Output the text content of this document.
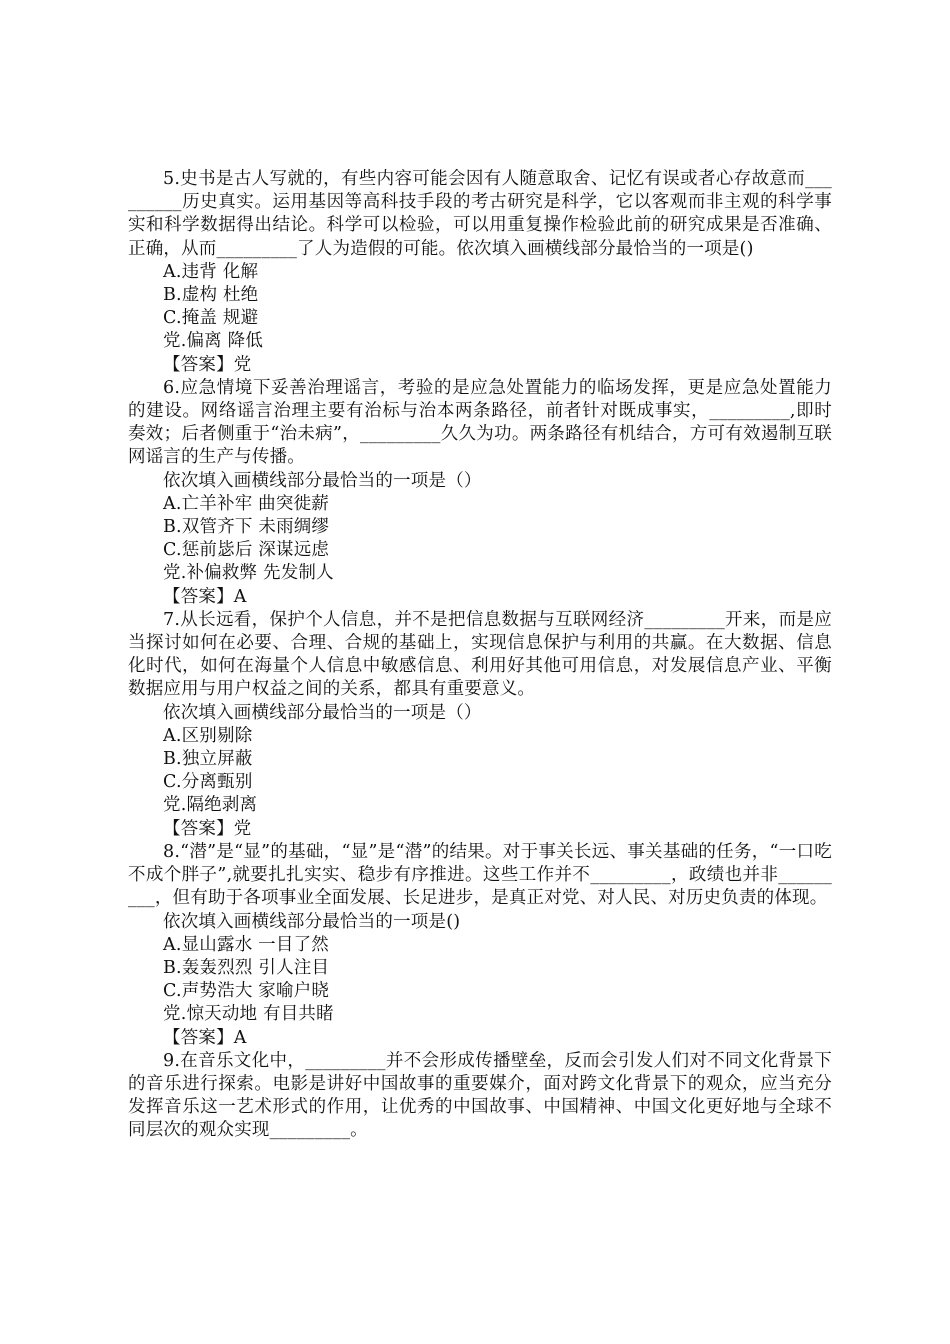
5.史书是古人写就的，有些内容可能会因有人随意取舍、记忆有误或者心存故意而_________历史真实。运用基因等高科技手段的考古研究是科学，它以客观而非主观的科学事实和科学数据得出结论。科学可以检验，可以用重复操作检验此前的研究成果是否准确、正确，从而_________了人为造假的可能。依次填入画横线部分最恰当的一项是()

A.违背 化解

B.虚构 杜绝

C.掩盖 规避

党.偏离 降低

【答案】党

6.应急情境下妥善治理谣言，考验的是应急处置能力的临场发挥，更是应急处置能力的建设。网络谣言治理主要有治标与治本两条路径，前者针对既成事实，_________,即时奏效；后者侧重于“治未病”，_________久久为功。两条路径有机结合，方可有效遏制互联网谣言的生产与传播。

依次填入画横线部分最恰当的一项是（）

A.亡羊补牢 曲突徙薪

B.双管齐下 未雨绸缪

C.惩前毖后 深谋远虑

党.补偏救弊 先发制人

【答案】A

7.从长远看，保护个人信息，并不是把信息数据与互联网经济_________开来，而是应当探讨如何在必要、合理、合规的基础上，实现信息保护与利用的共赢。在大数据、信息化时代，如何在海量个人信息中敏感信息、利用好其他可用信息，对发展信息产业、平衡数据应用与用户权益之间的关系，都具有重要意义。

依次填入画横线部分最恰当的一项是（）

A.区别剔除

B.独立屏蔽

C.分离甄别

党.隔绝剥离

【答案】党

8.“潜”是“显”的基础，“显”是“潜”的结果。对于事关长远、事关基础的任务，“一口吃不成个胖子”,就要扎扎实实、稳步有序推进。这些工作并不_________，政绩也并非_________，但有助于各项事业全面发展、长足进步，是真正对党、对人民、对历史负责的体现。

依次填入画横线部分最恰当的一项是()

A.显山露水 一目了然

B.轰轰烈烈 引人注目

C.声势浩大 家喻户晓

党.惊天动地 有目共睹

【答案】A

9.在音乐文化中，_________并不会形成传播壁垒，反而会引发人们对不同文化背景下的音乐进行探索。电影是讲好中国故事的重要媒介，面对跨文化背景下的观众，应当充分发挥音乐这一艺术形式的作用，让优秀的中国故事、中国精神、中国文化更好地与全球不同层次的观众实现_________。
